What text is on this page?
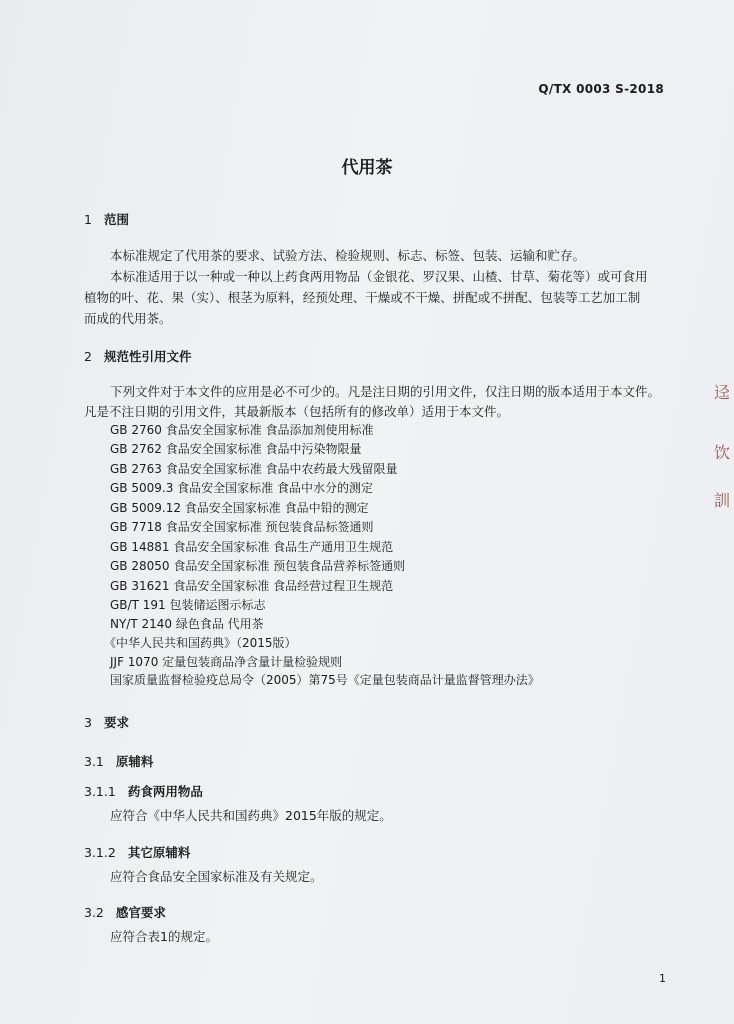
Q/TX 0003 S-2018
代用茶
1 范围
本标准规定了代用茶的要求、试验方法、检验规则、标志、标签、包装、运输和贮存。
本标准适用于以一种或一种以上药食两用物品（金银花、罗汉果、山楂、甘草、菊花等）或可食用
植物的叶、花、果（实）、根茎为原料，经预处理、干燥或不干燥、拼配或不拼配、包装等工艺加工制
而成的代用茶。
2 规范性引用文件
下列文件对于本文件的应用是必不可少的。凡是注日期的引用文件，仅注日期的版本适用于本文件。
凡是不注日期的引用文件，其最新版本（包括所有的修改单）适用于本文件。
GB 2760 食品安全国家标准 食品添加剂使用标准
GB 2762 食品安全国家标准 食品中污染物限量
GB 2763 食品安全国家标准 食品中农药最大残留限量
GB 5009.3 食品安全国家标准 食品中水分的测定
GB 5009.12 食品安全国家标准 食品中铅的测定
GB 7718 食品安全国家标准 预包装食品标签通则
GB 14881 食品安全国家标准 食品生产通用卫生规范
GB 28050 食品安全国家标准 预包装食品营养标签通则
GB 31621 食品安全国家标准 食品经营过程卫生规范
GB/T 191 包装储运图示标志
NY/T 2140 绿色食品 代用茶
《中华人民共和国药典》（2015版）
JJF 1070 定量包装商品净含量计量检验规则
国家质量监督检验疫总局令（2005）第75号《定量包装商品计量监督管理办法》
3 要求
3.1 原辅料
3.1.1 药食两用物品
应符合《中华人民共和国药典》2015年版的规定。
3.1.2 其它原辅料
应符合食品安全国家标准及有关规定。
3.2 感官要求
应符合表1的规定。
1
迳
饮
訓
